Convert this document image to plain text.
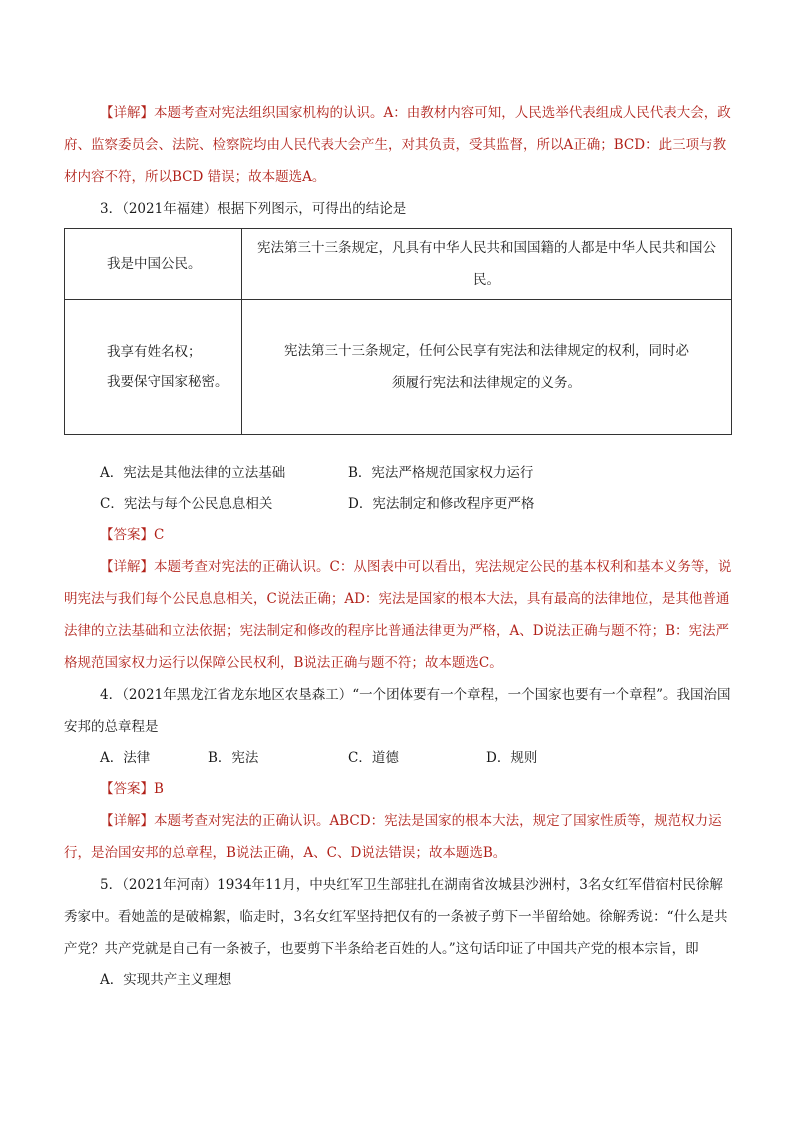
【详解】本题考查对宪法组织国家机构的认识。A：由教材内容可知，人民选举代表组成人民代表大会，政府、监察委员会、法院、检察院均由人民代表大会产生，对其负责，受其监督，所以A正确；BCD：此三项与教材内容不符，所以BCD 错误；故本题选A。

3．（2021年福建）根据下列图示，可得出的结论是

我是中国公民。	宪法第三十三条规定，凡具有中华人民共和国国籍的人都是中华人民共和国公民。

我享有姓名权；
我要保守国家秘密。	宪法第三十三条规定，任何公民享有宪法和法律规定的权利，同时必须履行宪法和法律规定的义务。
A．宪法是其他法律的立法基础	B．宪法严格规范国家权力运行
C．宪法与每个公民息息相关	D．宪法制定和修改程序更严格

【答案】C

【详解】本题考查对宪法的正确认识。C：从图表中可以看出，宪法规定公民的基本权利和基本义务等，说明宪法与我们每个公民息息相关，C说法正确；AD：宪法是国家的根本大法，具有最高的法律地位，是其他普通法律的立法基础和立法依据；宪法制定和修改的程序比普通法律更为严格，A、D说法正确与题不符；B：宪法严格规范国家权力运行以保障公民权利，B说法正确与题不符；故本题选C。

4．（2021年黑龙江省龙东地区农垦森工）“一个团体要有一个章程，一个国家也要有一个章程”。我国治国安邦的总章程是

A．法律	B．宪法	C．道德	D．规则

【答案】B

【详解】本题考查对宪法的正确认识。ABCD：宪法是国家的根本大法，规定了国家性质等，规范权力运行，是治国安邦的总章程，B说法正确，A、C、D说法错误；故本题选B。

5．（2021年河南）1934年11月，中央红军卫生部驻扎在湖南省汝城县沙洲村，3名女红军借宿村民徐解秀家中。看她盖的是破棉絮，临走时，3名女红军坚持把仅有的一条被子剪下一半留给她。徐解秀说：“什么是共产党？共产党就是自己有一条被子，也要剪下半条给老百姓的人。”这句话印证了中国共产党的根本宗旨，即

A．实现共产主义理想
